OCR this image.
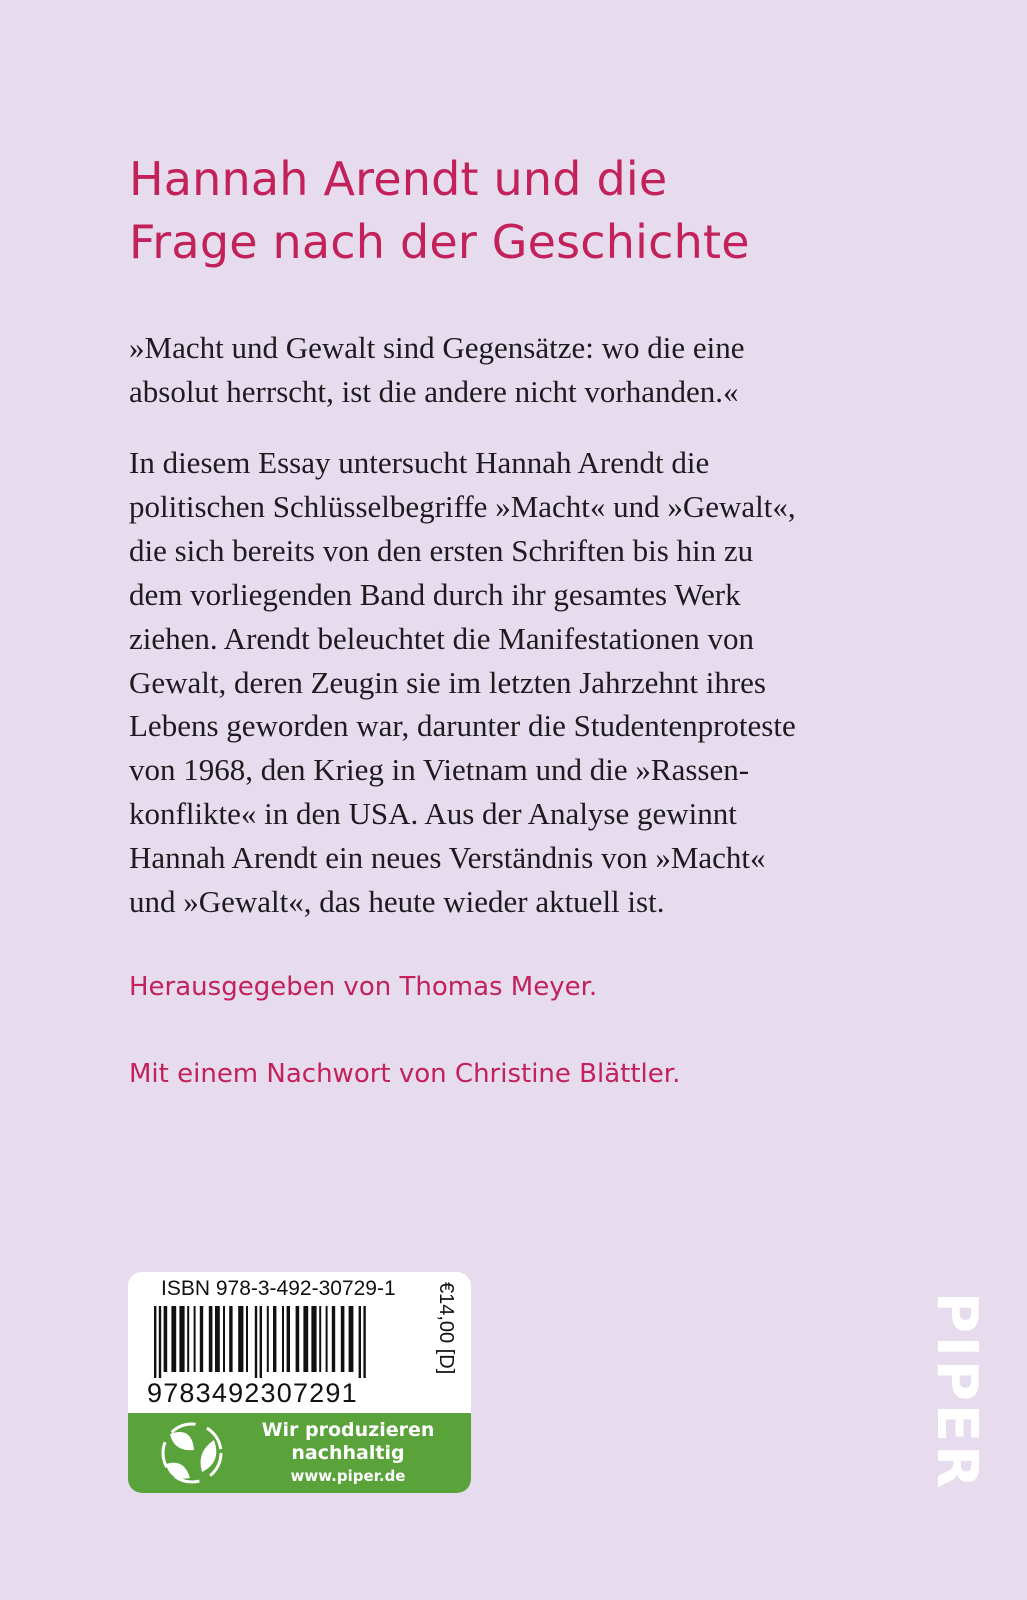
Hannah Arendt und die
Frage nach der Geschichte

»Macht und Gewalt sind Gegensätze: wo die eine
absolut herrscht, ist die andere nicht vorhanden.«

In diesem Essay untersucht Hannah Arendt die
politischen Schlüsselbegriffe »Macht« und »Gewalt«,
die sich bereits von den ersten Schriften bis hin zu
dem vorliegenden Band durch ihr gesamtes Werk
ziehen. Arendt beleuchtet die Manifestationen von
Gewalt, deren Zeugin sie im letzten Jahrzehnt ihres
Lebens geworden war, darunter die Studentenproteste
von 1968, den Krieg in Vietnam und die »Rassen-
konflikte« in den USA. Aus der Analyse gewinnt
Hannah Arendt ein neues Verständnis von »Macht«
und »Gewalt«, das heute wieder aktuell ist.

Herausgegeben von Thomas Meyer.

Mit einem Nachwort von Christine Blättler.

ISBN 978-3-492-30729-1
9783492307291
€14,00 [D]
Wir produzieren
nachhaltig
www.piper.de	PIPER
